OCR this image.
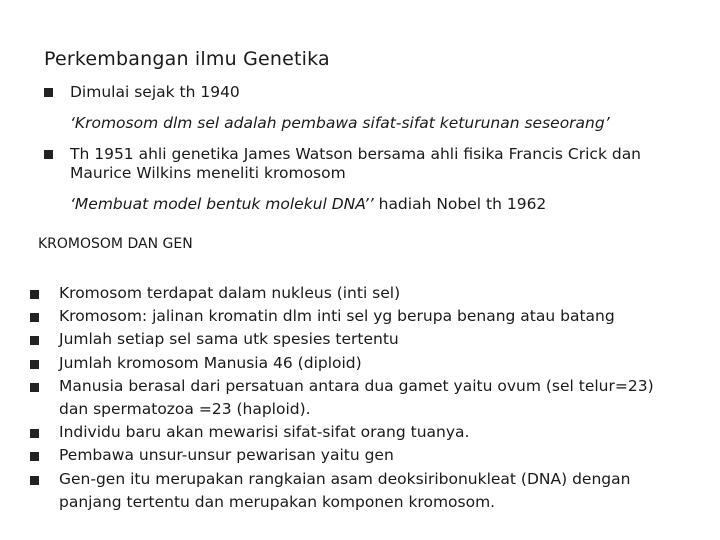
Perkembangan ilmu Genetika
Dimulai sejak th 1940
‘Kromosom dlm sel adalah pembawa sifat-sifat keturunan seseorang’
Th 1951 ahli genetika James Watson bersama ahli fisika Francis Crick dan
Maurice Wilkins meneliti kromosom
‘Membuat model bentuk molekul DNA’’ hadiah Nobel th 1962
KROMOSOM DAN GEN
Kromosom terdapat dalam nukleus (inti sel)
Kromosom: jalinan kromatin dlm inti sel yg berupa benang atau batang
Jumlah setiap sel sama utk spesies tertentu
Jumlah kromosom Manusia 46 (diploid)
Manusia berasal dari persatuan antara dua gamet yaitu ovum (sel telur=23)
dan spermatozoa =23 (haploid).
Individu baru akan mewarisi sifat-sifat orang tuanya.
Pembawa unsur-unsur pewarisan yaitu gen
Gen-gen itu merupakan rangkaian asam deoksiribonukleat (DNA) dengan
panjang tertentu dan merupakan komponen kromosom.
